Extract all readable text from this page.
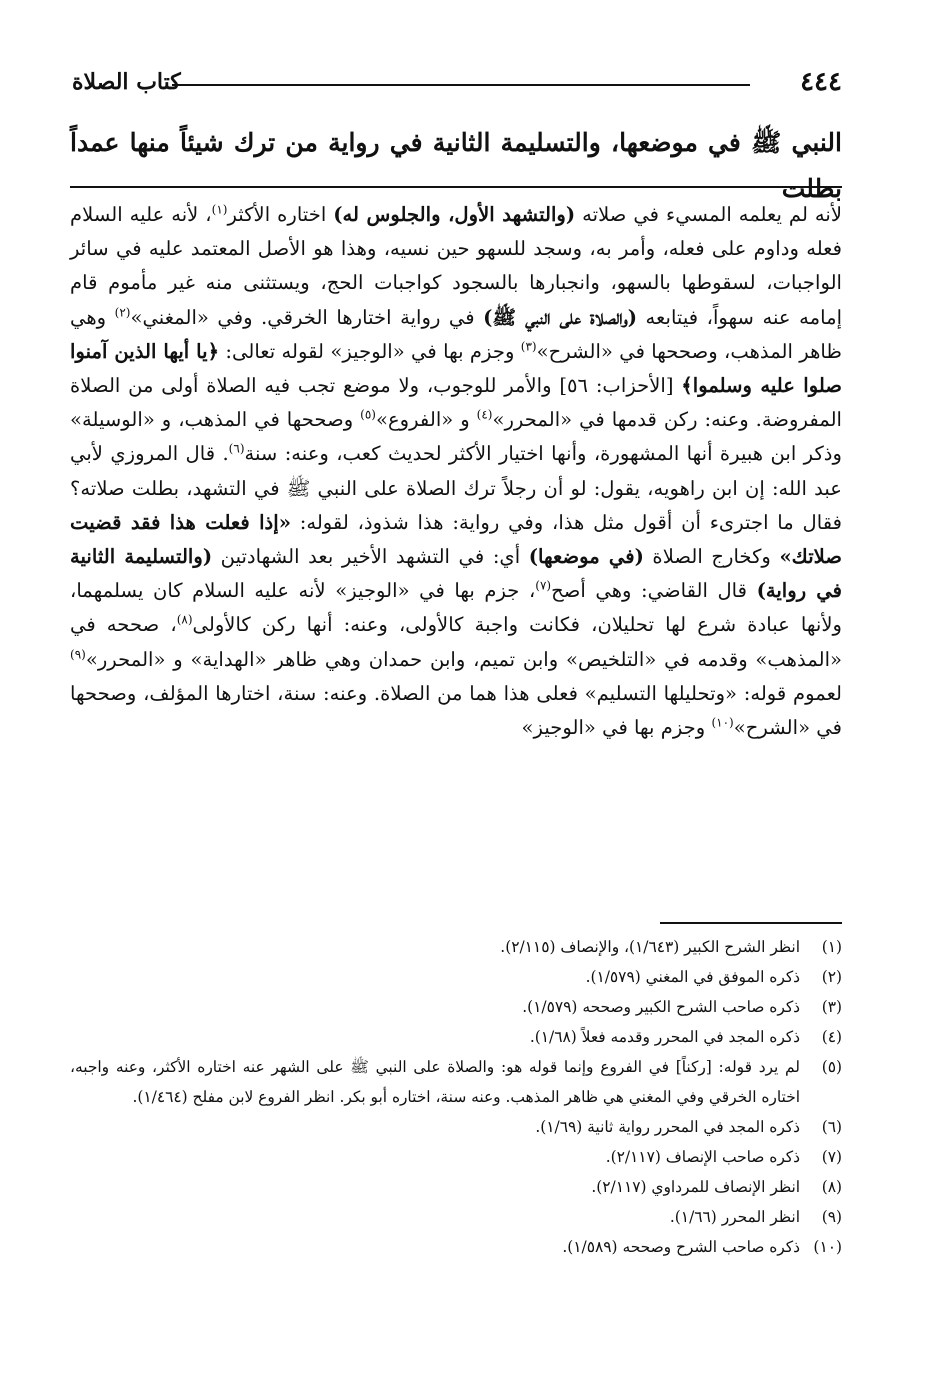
٤٤٤
كتاب الصلاة
النبي ﷺ في موضعها، والتسليمة الثانية في رواية من ترك شيئاً منها عمداً بطلت
لأنه لم يعلمه المسيء في صلاته (والتشهد الأول، والجلوس له) اختاره الأكثر$^{(١)}$، لأنه عليه السلام فعله وداوم على فعله، وأمر به، وسجد للسهو حين نسيه، وهذا هو الأصل المعتمد عليه في سائر الواجبات، لسقوطها بالسهو، وانجبارها بالسجود كواجبات الحج، ويستثنى منه غير مأموم قام إمامه عنه سهواً، فيتابعه (والصلاة على النبي ﷺ) في رواية اختارها الخرقي. وفي «المغني»$^{(٢)}$ وهي ظاهر المذهب، وصححها في «الشرح»$^{(٣)}$ وجزم بها في «الوجيز» لقوله تعالى: ﴿يا أيها الذين آمنوا صلوا عليه وسلموا﴾ [الأحزاب: ٥٦] والأمر للوجوب، ولا موضع تجب فيه الصلاة أولى من الصلاة المفروضة. وعنه: ركن قدمها في «المحرر»$^{(٤)}$ و «الفروع»$^{(٥)}$ وصححها في المذهب، و «الوسيلة» وذكر ابن هبيرة أنها المشهورة، وأنها اختيار الأكثر لحديث كعب، وعنه: سنة$^{(٦)}$. قال المروزي لأبي عبد الله: إن ابن راهويه، يقول: لو أن رجلاً ترك الصلاة على النبي ﷺ في التشهد، بطلت صلاته؟ فقال ما اجترىء أن أقول مثل هذا، وفي رواية: هذا شذوذ، لقوله: «إذا فعلت هذا فقد قضيت صلاتك» وكخارج الصلاة (في موضعها) أي: في التشهد الأخير بعد الشهادتين (والتسليمة الثانية في رواية) قال القاضي: وهي أصح$^{(٧)}$، جزم بها في «الوجيز» لأنه عليه السلام كان يسلمهما، ولأنها عبادة شرع لها تحليلان، فكانت واجبة كالأولى، وعنه: أنها ركن كالأولى$^{(٨)}$، صححه في «المذهب» وقدمه في «التلخيص» وابن تميم، وابن حمدان وهي ظاهر «الهداية» و «المحرر»$^{(٩)}$ لعموم قوله: «وتحليلها التسليم» فعلى هذا هما من الصلاة. وعنه: سنة، اختارها المؤلف، وصححها في «الشرح»$^{(١٠)}$ وجزم بها في «الوجيز»
(١)
انظر الشرح الكبير (١/٦٤٣)، والإنصاف (٢/١١٥).
(٢)
ذكره الموفق في المغني (١/٥٧٩).
(٣)
ذكره صاحب الشرح الكبير وصححه (١/٥٧٩).
(٤)
ذكره المجد في المحرر وقدمه فعلاً (١/٦٨).
(٥)
لم يرد قوله: [ركناً] في الفروع وإنما قوله هو: والصلاة على النبي ﷺ على الشهر عنه اختاره الأكثر، وعنه واجبه، اختاره الخرقي وفي المغني هي ظاهر المذهب. وعنه سنة، اختاره أبو بكر. انظر الفروع لابن مفلح (١/٤٦٤).
(٦)
ذكره المجد في المحرر رواية ثانية (١/٦٩).
(٧)
ذكره صاحب الإنصاف (٢/١١٧).
(٨)
انظر الإنصاف للمرداوي (٢/١١٧).
(٩)
انظر المحرر (١/٦٦).
(١٠)
ذكره صاحب الشرح وصححه (١/٥٨٩).
